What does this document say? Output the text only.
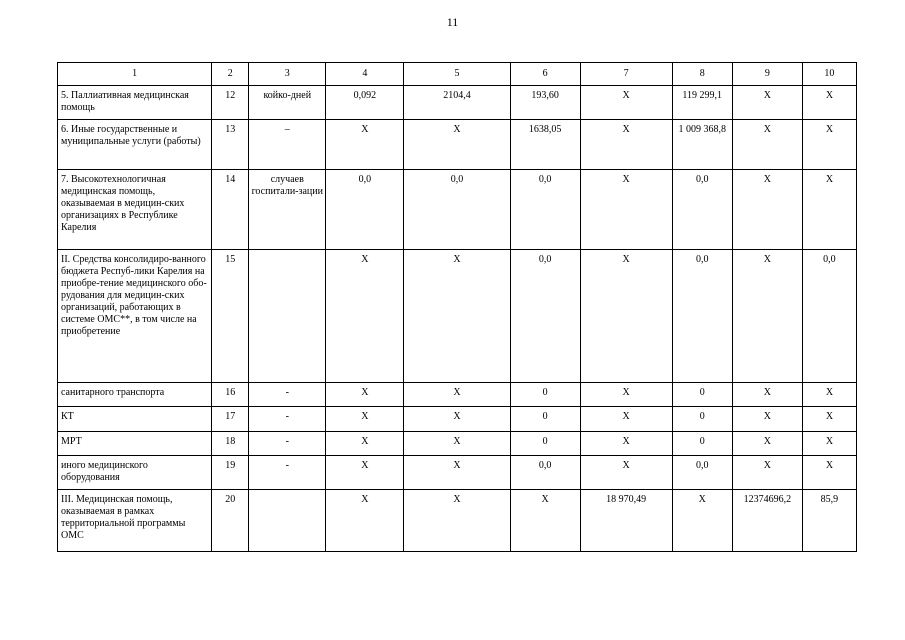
11
1	2	3	4	5	6	7	8	9	10
5. Паллиативная медицинская помощь	12	койко-дней	0,092	2104,4	193,60	Х	119 299,1	Х	Х
6. Иные государственные и муниципальные услуги (работы)	13	–	Х	Х	1638,05	Х	1 009 368,8	Х	Х
7. Высокотехнологичная медицинская помощь, оказываемая в медицин-ских организациях в Республике Карелия	14	случаев госпитали-зации	0,0	0,0	0,0	Х	0,0	Х	Х
II. Средства консолидиро-ванного бюджета Респуб-лики Карелия на приобре-тение медицинского обо-рудования для медицин-ских организаций, работающих в системе ОМС**, в том числе на приобретение	15		Х	Х	0,0	Х	0,0	Х	0,0
санитарного транспорта	16	-	Х	Х	0	Х	0	Х	Х
КТ	17	-	Х	Х	0	Х	0	Х	Х
МРТ	18	-	Х	Х	0	Х	0	Х	Х
иного медицинского оборудования	19	-	Х	Х	0,0	Х	0,0	Х	Х
III. Медицинская помощь, оказываемая в рамках территориальной программы ОМС	20		Х	Х	Х	18 970,49	Х	12374696,2	85,9
